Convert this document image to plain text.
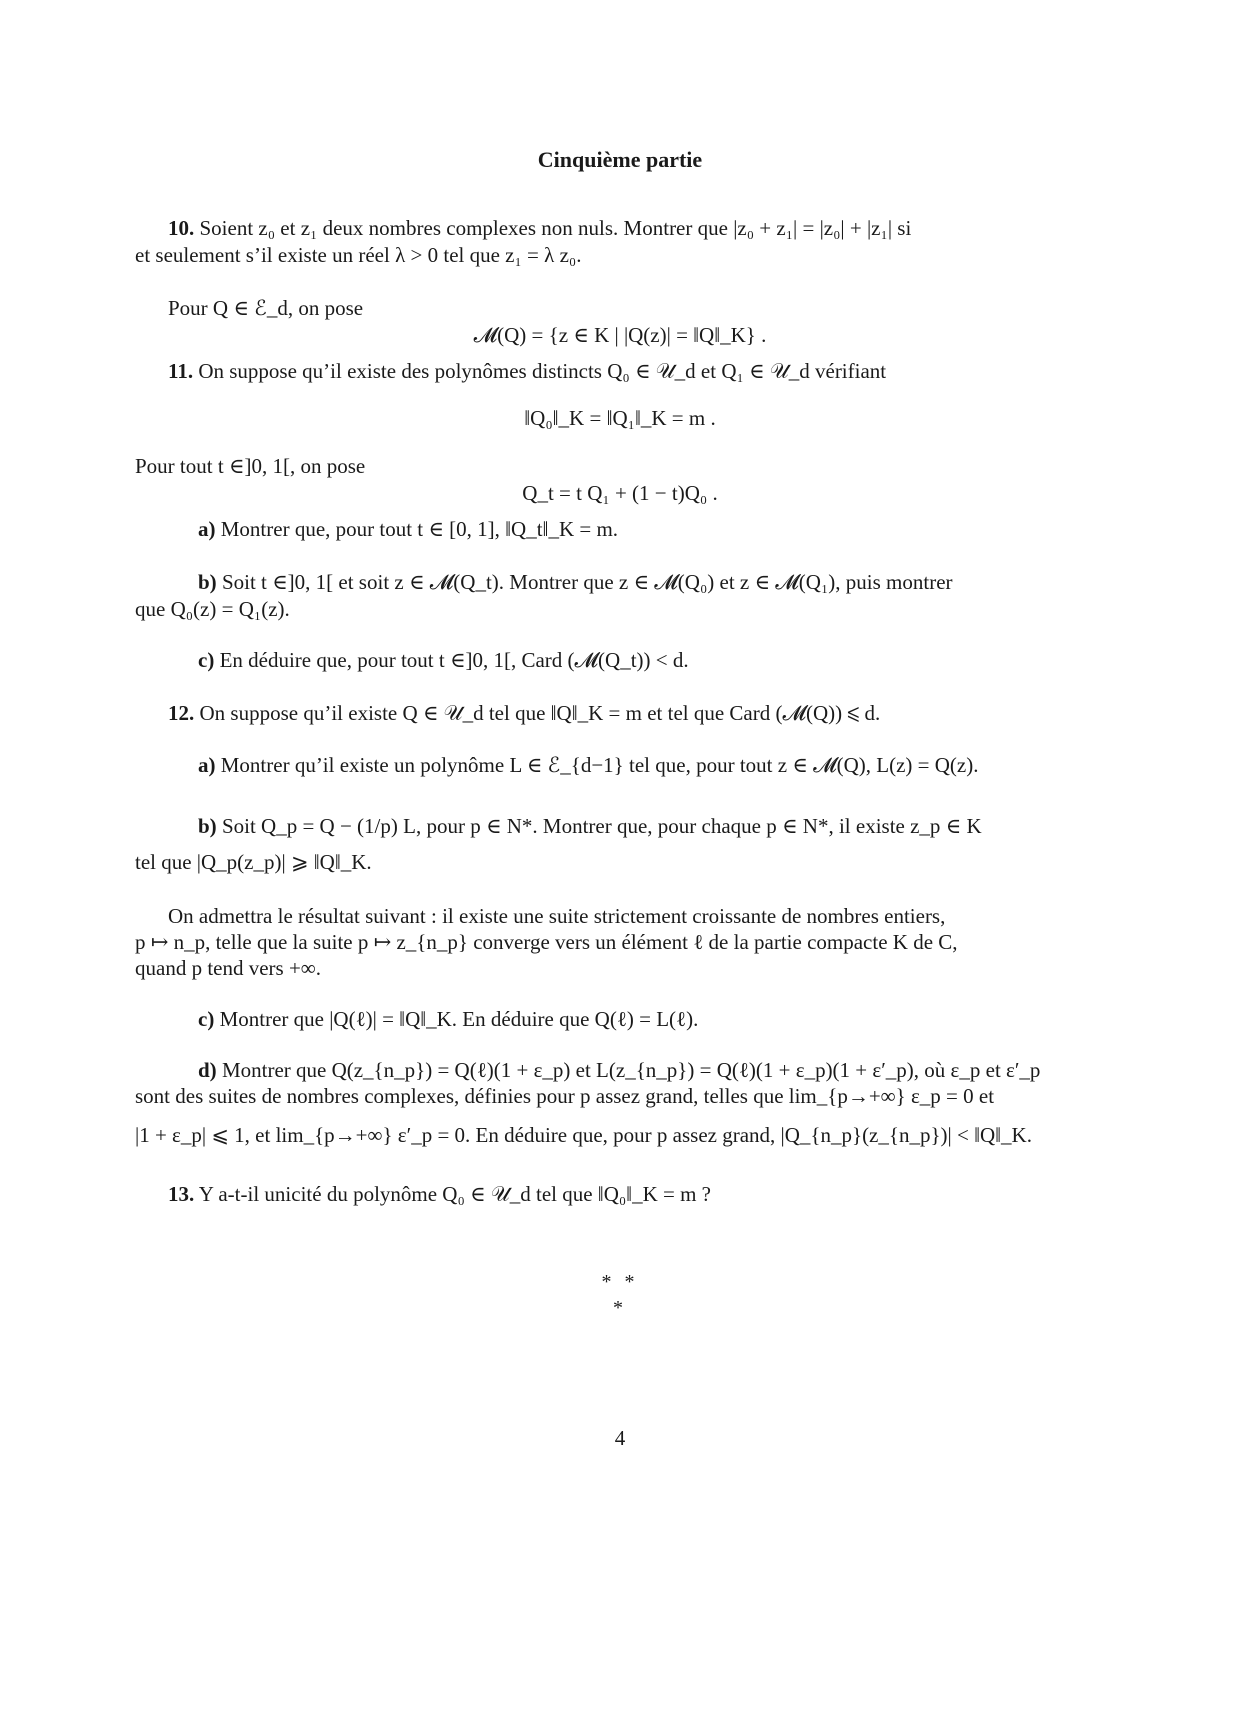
Cinquième partie
10. Soient z₀ et z₁ deux nombres complexes non nuls. Montrer que |z₀ + z₁| = |z₀| + |z₁| si
et seulement s’il existe un réel λ > 0 tel que z₁ = λ z₀.
Pour Q ∈ ℰ_d, on pose
𝓜(Q) = {z ∈ K | |Q(z)| = ‖Q‖_K} .
11. On suppose qu’il existe des polynômes distincts Q₀ ∈ 𝒰_d et Q₁ ∈ 𝒰_d vérifiant
‖Q₀‖_K = ‖Q₁‖_K = m .
Pour tout t ∈]0, 1[, on pose
Q_t = t Q₁ + (1 − t)Q₀ .
a) Montrer que, pour tout t ∈ [0, 1], ‖Q_t‖_K = m.
b) Soit t ∈]0, 1[ et soit z ∈ 𝓜(Q_t). Montrer que z ∈ 𝓜(Q₀) et z ∈ 𝓜(Q₁), puis montrer
que Q₀(z) = Q₁(z).
c) En déduire que, pour tout t ∈]0, 1[, Card (𝓜(Q_t)) < d.
12. On suppose qu’il existe Q ∈ 𝒰_d tel que ‖Q‖_K = m et tel que Card (𝓜(Q)) ⩽ d.
a) Montrer qu’il existe un polynôme L ∈ ℰ_{d−1} tel que, pour tout z ∈ 𝓜(Q), L(z) = Q(z).
b) Soit Q_p = Q − (1/p) L, pour p ∈ N*. Montrer que, pour chaque p ∈ N*, il existe z_p ∈ K
tel que |Q_p(z_p)| ⩾ ‖Q‖_K.
On admettra le résultat suivant : il existe une suite strictement croissante de nombres entiers,
p ↦ n_p, telle que la suite p ↦ z_{n_p} converge vers un élément ℓ de la partie compacte K de C,
quand p tend vers +∞.
c) Montrer que |Q(ℓ)| = ‖Q‖_K. En déduire que Q(ℓ) = L(ℓ).
d) Montrer que Q(z_{n_p}) = Q(ℓ)(1 + ε_p) et L(z_{n_p}) = Q(ℓ)(1 + ε_p)(1 + ε′_p), où ε_p et ε′_p
sont des suites de nombres complexes, définies pour p assez grand, telles que lim_{p→+∞} ε_p = 0 et
|1 + ε_p| ⩽ 1, et lim_{p→+∞} ε′_p = 0. En déduire que, pour p assez grand, |Q_{n_p}(z_{n_p})| < ‖Q‖_K.
13. Y a-t-il unicité du polynôme Q₀ ∈ 𝒰_d tel que ‖Q₀‖_K = m ?
* *
*
4
